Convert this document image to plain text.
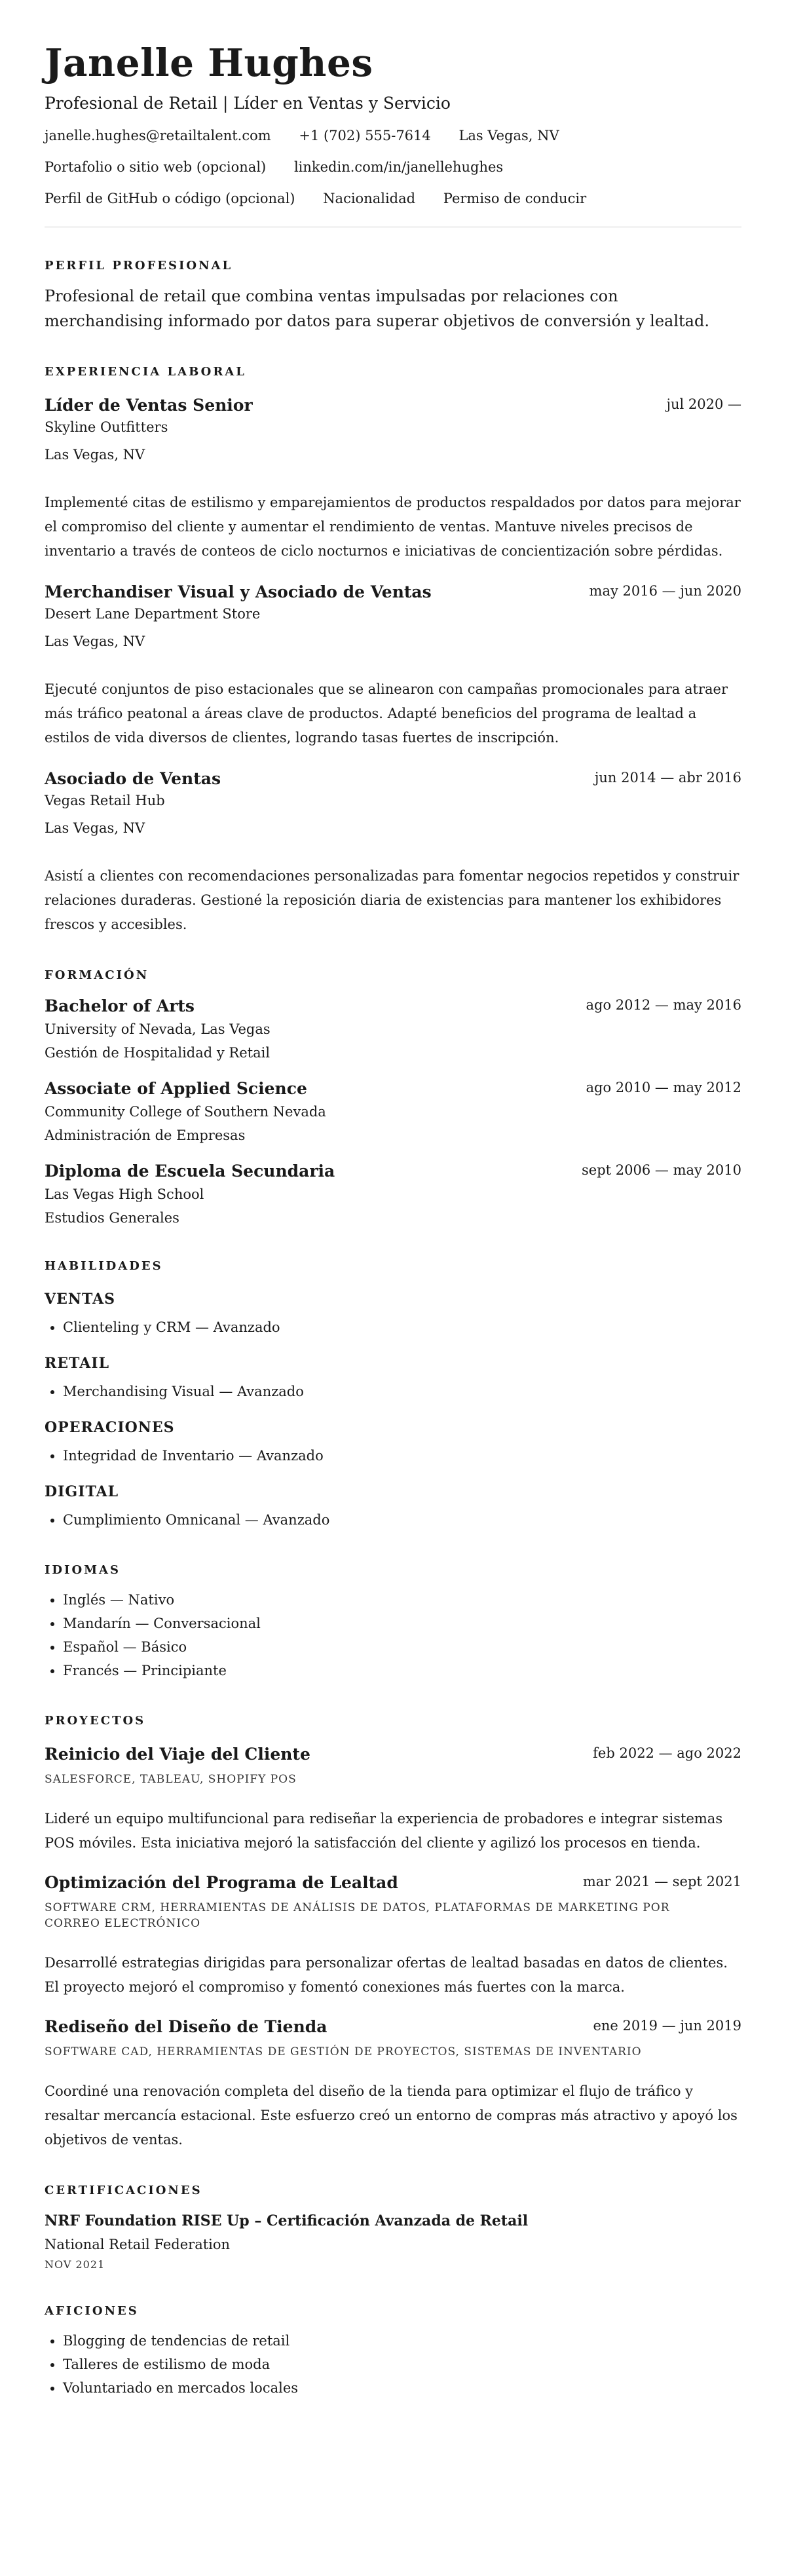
Janelle Hughes
Profesional de Retail | Líder en Ventas y Servicio
janelle.hughes@retailtalent.com +1 (702) 555-7614 Las Vegas, NV
Portafolio o sitio web (opcional) linkedin.com/in/janellehughes
Perfil de GitHub o código (opcional) Nacionalidad Permiso de conducir
PERFIL PROFESIONAL
Profesional de retail que combina ventas impulsadas por relaciones con merchandising informado por datos para superar objetivos de conversión y lealtad.
EXPERIENCIA LABORAL
Líder de Ventas Senior	jul 2020 —
Skyline Outfitters
Las Vegas, NV
Implementé citas de estilismo y emparejamientos de productos respaldados por datos para mejorar el compromiso del cliente y aumentar el rendimiento de ventas. Mantuve niveles precisos de inventario a través de conteos de ciclo nocturnos e iniciativas de concientización sobre pérdidas.
Merchandiser Visual y Asociado de Ventas	may 2016 — jun 2020
Desert Lane Department Store
Las Vegas, NV
Ejecuté conjuntos de piso estacionales que se alinearon con campañas promocionales para atraer más tráfico peatonal a áreas clave de productos. Adapté beneficios del programa de lealtad a estilos de vida diversos de clientes, logrando tasas fuertes de inscripción.
Asociado de Ventas	jun 2014 — abr 2016
Vegas Retail Hub
Las Vegas, NV
Asistí a clientes con recomendaciones personalizadas para fomentar negocios repetidos y construir relaciones duraderas. Gestioné la reposición diaria de existencias para mantener los exhibidores frescos y accesibles.
FORMACIÓN
Bachelor of Arts	ago 2012 — may 2016
University of Nevada, Las Vegas
Gestión de Hospitalidad y Retail
Associate of Applied Science	ago 2010 — may 2012
Community College of Southern Nevada
Administración de Empresas
Diploma de Escuela Secundaria	sept 2006 — may 2010
Las Vegas High School
Estudios Generales
HABILIDADES
VENTAS
• Clienteling y CRM — Avanzado
RETAIL
• Merchandising Visual — Avanzado
OPERACIONES
• Integridad de Inventario — Avanzado
DIGITAL
• Cumplimiento Omnicanal — Avanzado
IDIOMAS
• Inglés — Nativo
• Mandarín — Conversacional
• Español — Básico
• Francés — Principiante
PROYECTOS
Reinicio del Viaje del Cliente	feb 2022 — ago 2022
SALESFORCE, TABLEAU, SHOPIFY POS
Lideré un equipo multifuncional para rediseñar la experiencia de probadores e integrar sistemas POS móviles. Esta iniciativa mejoró la satisfacción del cliente y agilizó los procesos en tienda.
Optimización del Programa de Lealtad	mar 2021 — sept 2021
SOFTWARE CRM, HERRAMIENTAS DE ANÁLISIS DE DATOS, PLATAFORMAS DE MARKETING POR CORREO ELECTRÓNICO
Desarrollé estrategias dirigidas para personalizar ofertas de lealtad basadas en datos de clientes. El proyecto mejoró el compromiso y fomentó conexiones más fuertes con la marca.
Rediseño del Diseño de Tienda	ene 2019 — jun 2019
SOFTWARE CAD, HERRAMIENTAS DE GESTIÓN DE PROYECTOS, SISTEMAS DE INVENTARIO
Coordiné una renovación completa del diseño de la tienda para optimizar el flujo de tráfico y resaltar mercancía estacional. Este esfuerzo creó un entorno de compras más atractivo y apoyó los objetivos de ventas.
CERTIFICACIONES
NRF Foundation RISE Up – Certificación Avanzada de Retail
National Retail Federation
NOV 2021
AFICIONES
• Blogging de tendencias de retail
• Talleres de estilismo de moda
• Voluntariado en mercados locales
